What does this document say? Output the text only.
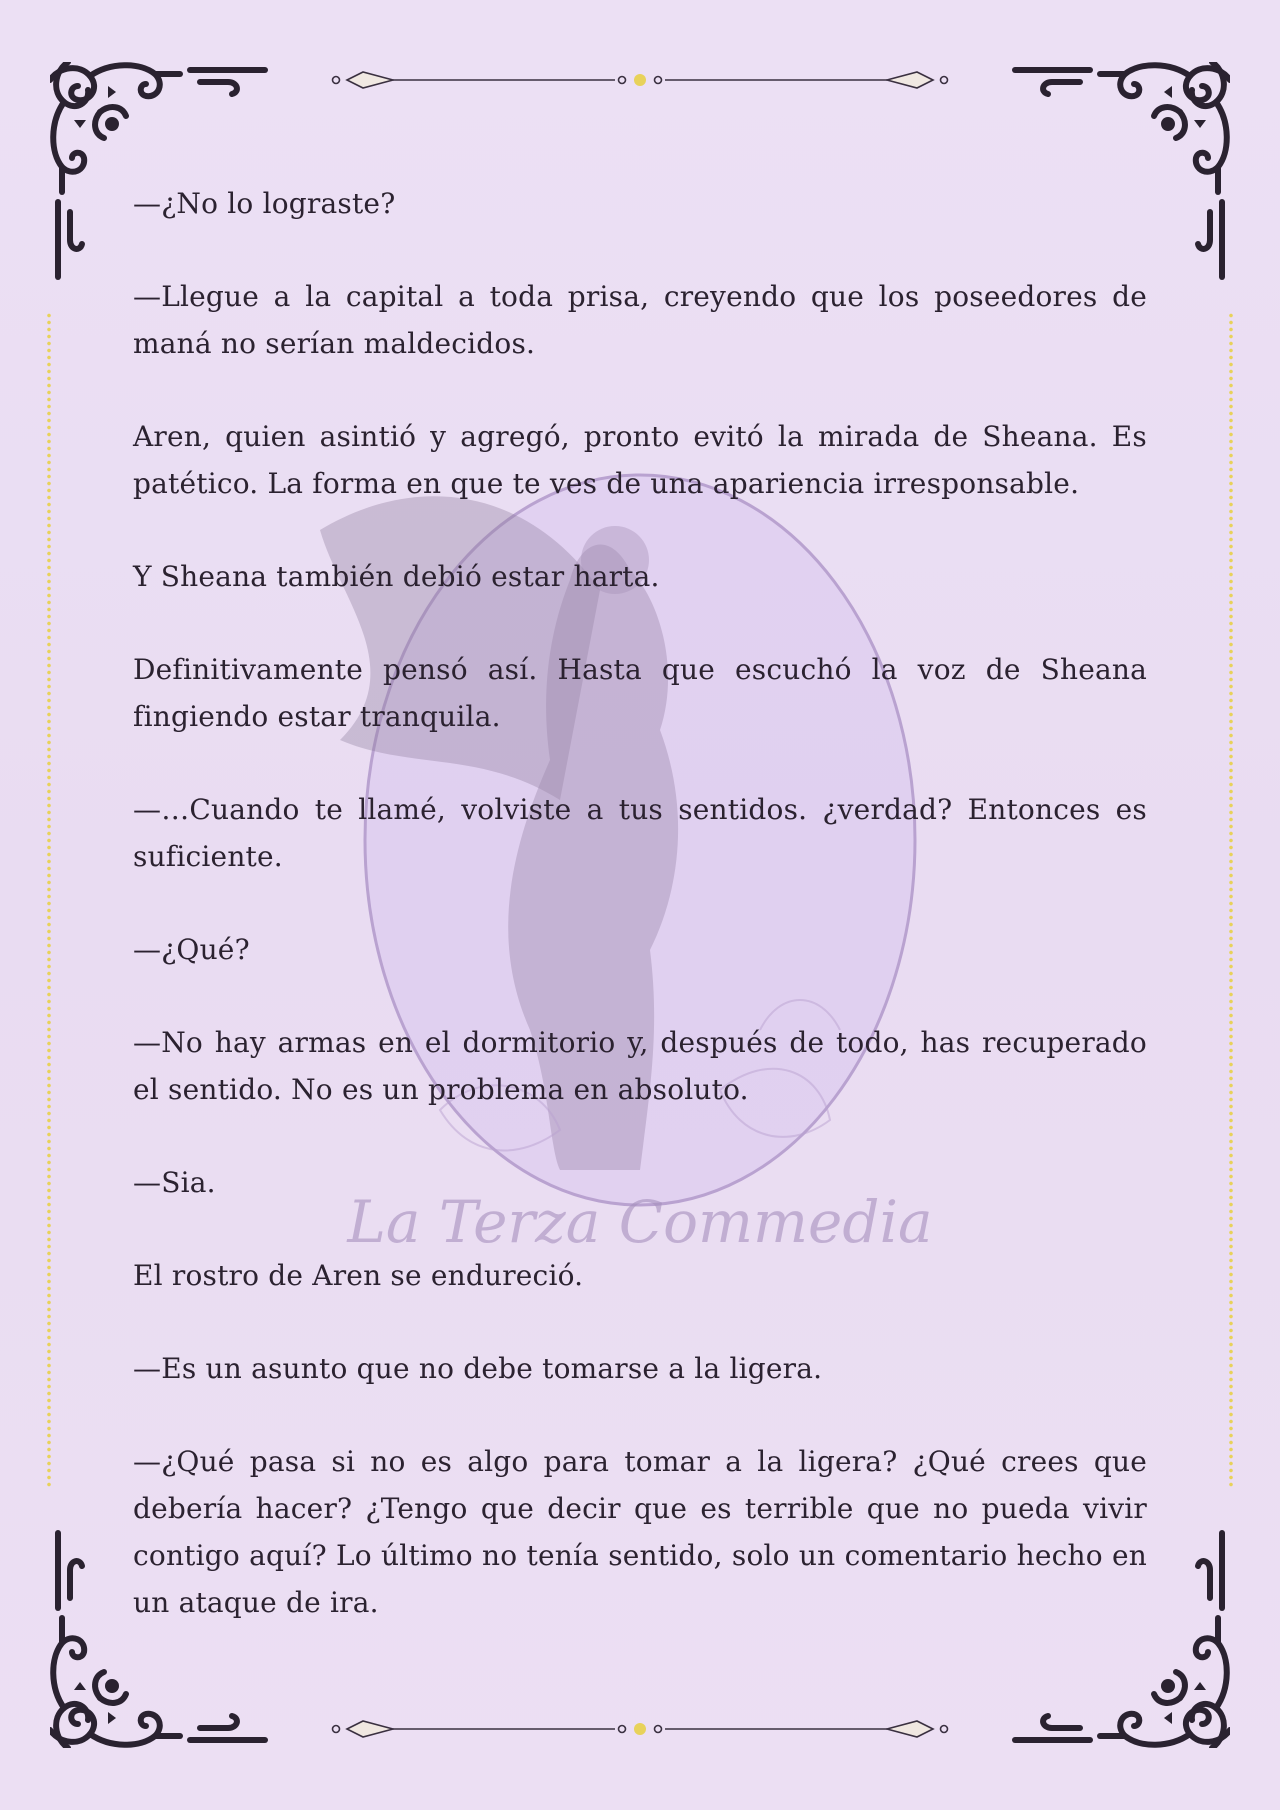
La Terza Commedia

—¿No lo lograste?

—Llegue a la capital a toda prisa, creyendo que los poseedores de maná no serían maldecidos.

Aren, quien asintió y agregó, pronto evitó la mirada de Sheana. Es patético. La forma en que te ves de una apariencia irresponsable.

Y Sheana también debió estar harta.

Definitivamente pensó así. Hasta que escuchó la voz de Sheana fingiendo estar tranquila.

—…Cuando te llamé, volviste a tus sentidos. ¿verdad? Entonces es suficiente.

—¿Qué?

—No hay armas en el dormitorio y, después de todo, has recuperado el sentido. No es un problema en absoluto.

—Sia.

El rostro de Aren se endureció.

—Es un asunto que no debe tomarse a la ligera.

—¿Qué pasa si no es algo para tomar a la ligera? ¿Qué crees que debería hacer? ¿Tengo que decir que es terrible que no pueda vivir contigo aquí? Lo último no tenía sentido, solo un comentario hecho en un ataque de ira.
